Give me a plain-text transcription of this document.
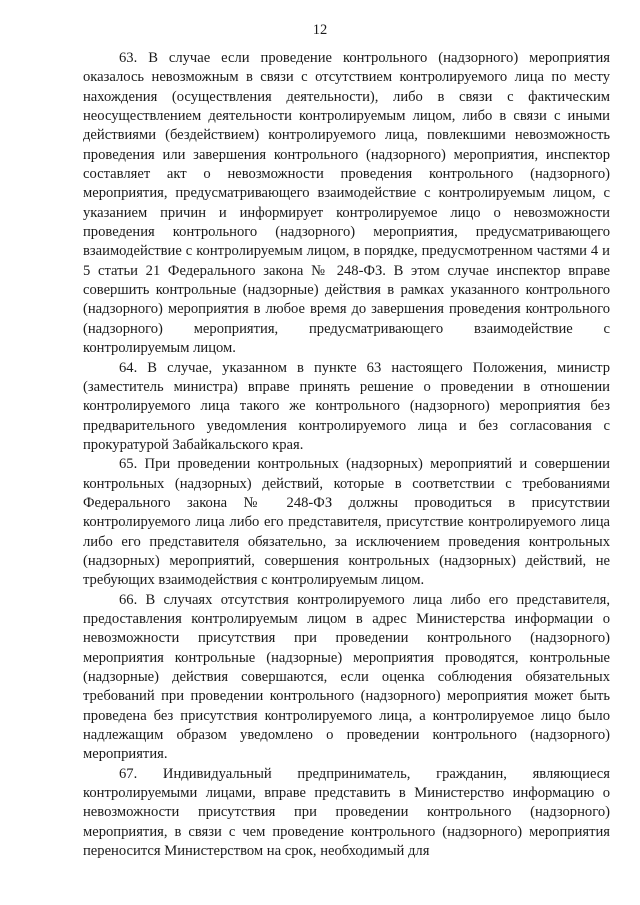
12

63. В случае если проведение контрольного (надзорного) мероприятия оказалось невозможным в связи с отсутствием контролируемого лица по месту нахождения (осуществления деятельности), либо в связи с фактическим неосуществлением деятельности контролируемым лицом, либо в связи с иными действиями (бездействием) контролируемого лица, повлекшими невозможность проведения или завершения контрольного (надзорного) мероприятия, инспектор составляет акт о невозможности проведения контрольного (надзорного) мероприятия, предусматривающего взаимодействие с контролируемым лицом, с указанием причин и информирует контролируемое лицо о невозможности проведения контрольного (надзорного) мероприятия, предусматривающего взаимодействие с контролируемым лицом, в порядке, предусмотренном частями 4 и 5 статьи 21 Федерального закона № 248-ФЗ. В этом случае инспектор вправе совершить контрольные (надзорные) действия в рамках указанного контрольного (надзорного) мероприятия в любое время до завершения проведения контрольного (надзорного) мероприятия, предусматривающего взаимодействие с контролируемым лицом.

64. В случае, указанном в пункте 63 настоящего Положения, министр (заместитель министра) вправе принять решение о проведении в отношении контролируемого лица такого же контрольного (надзорного) мероприятия без предварительного уведомления контролируемого лица и без согласования с прокуратурой Забайкальского края.

65. При проведении контрольных (надзорных) мероприятий и совершении контрольных (надзорных) действий, которые в соответствии с требованиями Федерального закона № 248-ФЗ должны проводиться в присутствии контролируемого лица либо его представителя, присутствие контролируемого лица либо его представителя обязательно, за исключением проведения контрольных (надзорных) мероприятий, совершения контрольных (надзорных) действий, не требующих взаимодействия с контролируемым лицом.

66. В случаях отсутствия контролируемого лица либо его представителя, предоставления контролируемым лицом в адрес Министерства информации о невозможности присутствия при проведении контрольного (надзорного) мероприятия контрольные (надзорные) мероприятия проводятся, контрольные (надзорные) действия совершаются, если оценка соблюдения обязательных требований при проведении контрольного (надзорного) мероприятия может быть проведена без присутствия контролируемого лица, а контролируемое лицо было надлежащим образом уведомлено о проведении контрольного (надзорного) мероприятия.

67. Индивидуальный предприниматель, гражданин, являющиеся контролируемыми лицами, вправе представить в Министерство информацию о невозможности присутствия при проведении контрольного (надзорного) мероприятия, в связи с чем проведение контрольного (надзорного) мероприятия переносится Министерством на срок, необходимый для
